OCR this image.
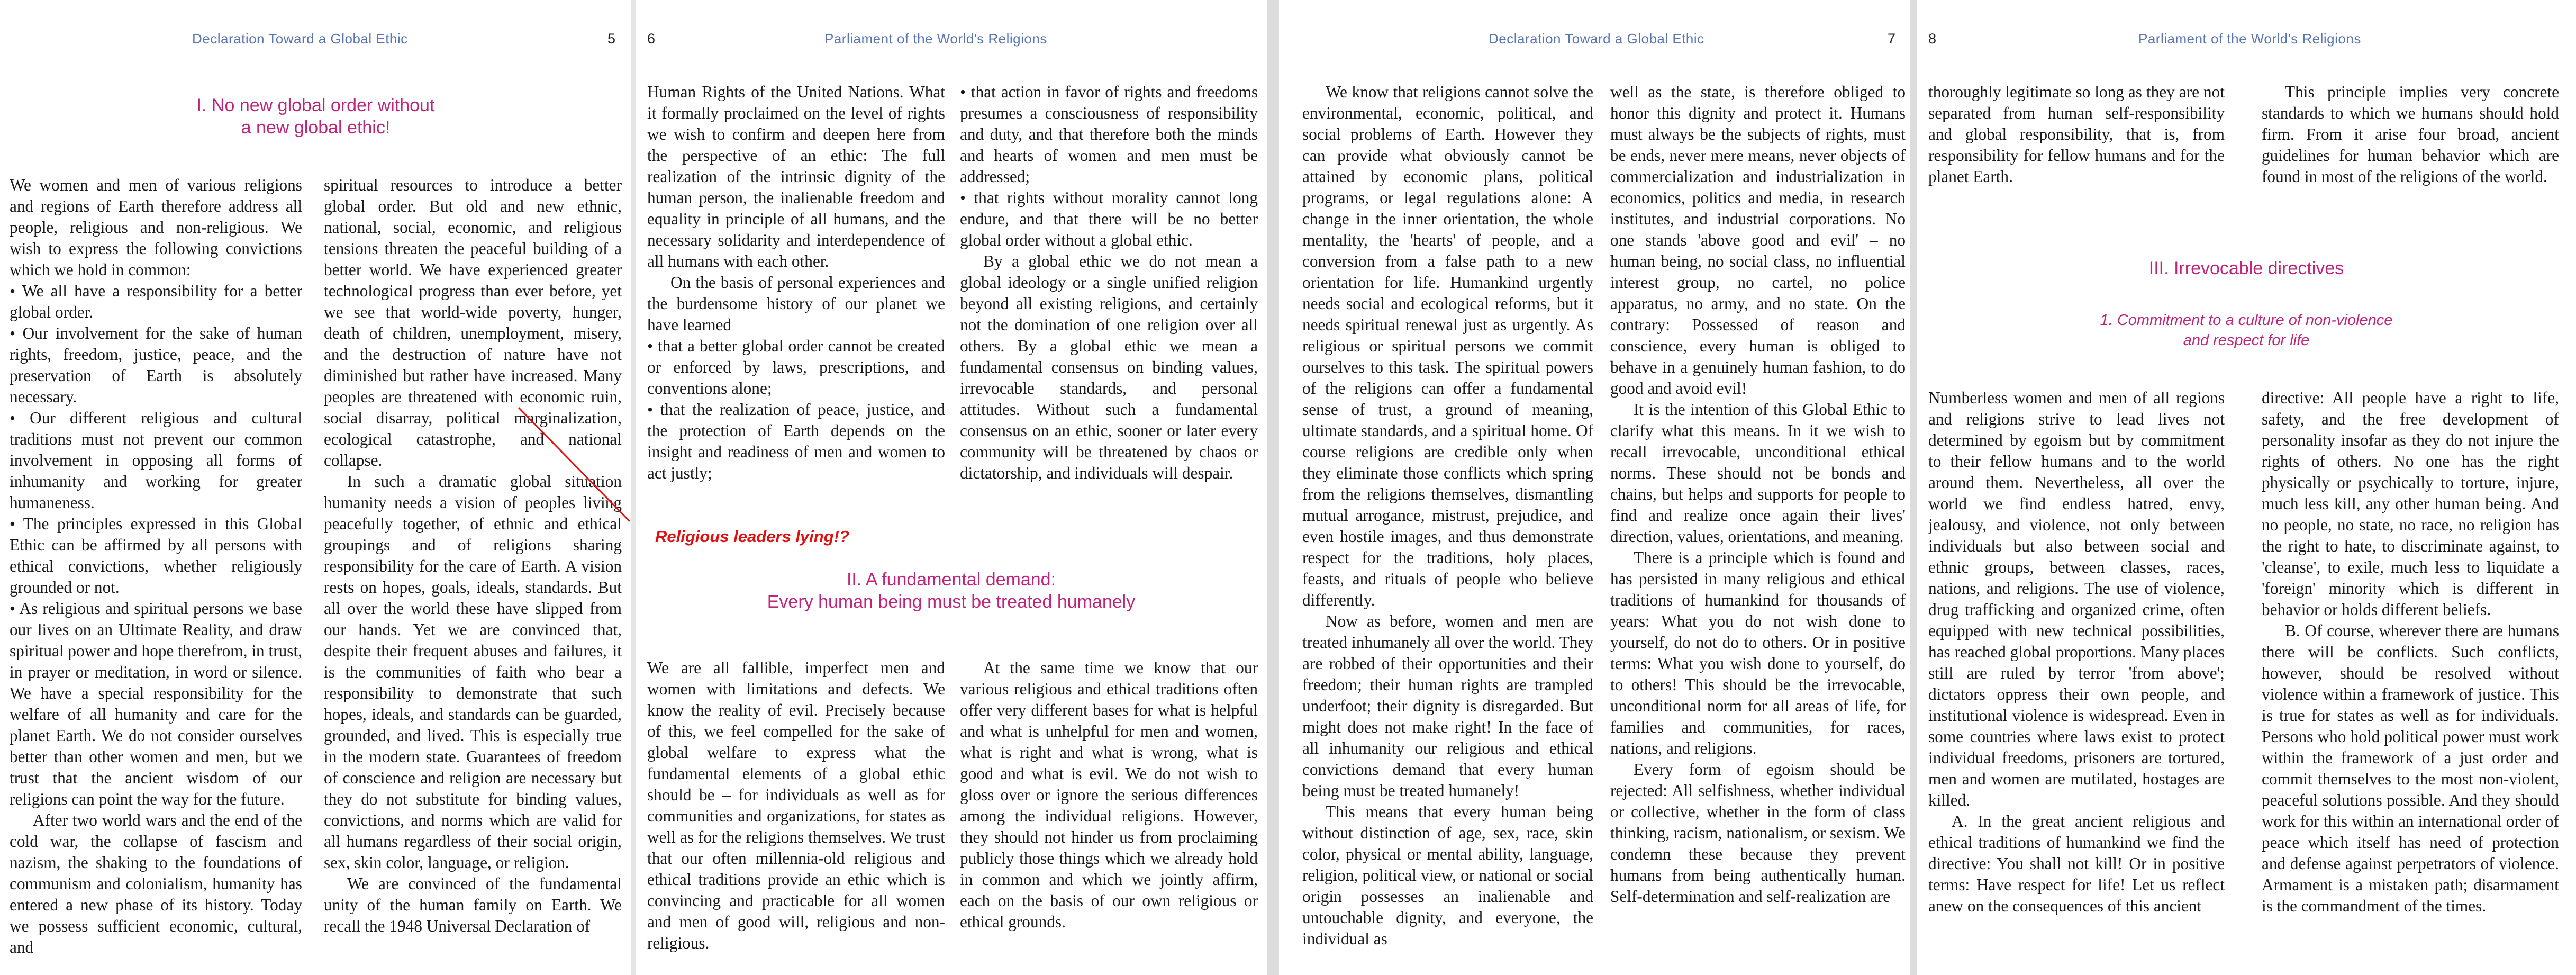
Declaration Toward a Global Ethic	5
I. No new global order without
a new global ethic!

We women and men of various religions and regions of Earth therefore address all people, religious and non-religious. We wish to express the following convictions which we hold in common:

• We all have a responsibility for a better global order.

• Our involvement for the sake of human rights, freedom, justice, peace, and the preservation of Earth is absolutely necessary.

• Our different religious and cultural traditions must not prevent our common involvement in opposing all forms of inhumanity and working for greater humaneness.

• The principles expressed in this Global Ethic can be affirmed by all persons with ethical convictions, whether religiously grounded or not.

• As religious and spiritual persons we base our lives on an Ultimate Reality, and draw spiritual power and hope therefrom, in trust, in prayer or meditation, in word or silence. We have a special responsibility for the welfare of all humanity and care for the planet Earth. We do not consider ourselves better than other women and men, but we trust that the ancient wisdom of our religions can point the way for the future.

After two world wars and the end of the cold war, the collapse of fascism and nazism, the shaking to the foundations of communism and colonialism, humanity has entered a new phase of its history. Today we possess sufficient economic, cultural, and

spiritual resources to introduce a better global order. But old and new ethnic, national, social, economic, and religious tensions threaten the peaceful building of a better world. We have experienced greater technological progress than ever before, yet we see that world-wide poverty, hunger, death of children, unemployment, misery, and the destruction of nature have not diminished but rather have increased. Many peoples are threatened with economic ruin, social disarray, political marginalization, ecological catastrophe, and national collapse.

In such a dramatic global situation humanity needs a vision of peoples living peacefully together, of ethnic and ethical groupings and of religions sharing responsibility for the care of Earth. A vision rests on hopes, goals, ideals, standards. But all over the world these have slipped from our hands. Yet we are convinced that, despite their frequent abuses and failures, it is the communities of faith who bear a responsibility to demonstrate that such hopes, ideals, and standards can be guarded, grounded, and lived. This is especially true in the modern state. Guarantees of freedom of conscience and religion are necessary but they do not substitute for binding values, convictions, and norms which are valid for all humans regardless of their social origin, sex, skin color, language, or religion.

We are convinced of the fundamental unity of the human family on Earth. We recall the 1948 Universal Declaration of

6	Parliament of the World's Religions

Human Rights of the United Nations. What it formally proclaimed on the level of rights we wish to confirm and deepen here from the perspective of an ethic: The full realization of the intrinsic dignity of the human person, the inalienable freedom and equality in principle of all humans, and the necessary solidarity and interdependence of all humans with each other.

On the basis of personal experiences and the burdensome history of our planet we have learned

• that a better global order cannot be created or enforced by laws, prescriptions, and conventions alone;

• that the realization of peace, justice, and the protection of Earth depends on the insight and readiness of men and women to act justly;

• that action in favor of rights and freedoms presumes a consciousness of responsibility and duty, and that therefore both the minds and hearts of women and men must be addressed;

• that rights without morality cannot long endure, and that there will be no better global order without a global ethic.

By a global ethic we do not mean a global ideology or a single unified religion beyond all existing religions, and certainly not the domination of one religion over all others. By a global ethic we mean a fundamental consensus on binding values, irrevocable standards, and personal attitudes. Without such a fundamental consensus on an ethic, sooner or later every community will be threatened by chaos or dictatorship, and individuals will despair.

Religious leaders lying!?
II. A fundamental demand:
Every human being must be treated humanely

We are all fallible, imperfect men and women with limitations and defects. We know the reality of evil. Precisely because of this, we feel compelled for the sake of global welfare to express what the fundamental elements of a global ethic should be – for individuals as well as for communities and organizations, for states as well as for the religions themselves. We trust that our often millennia-old religious and ethical traditions provide an ethic which is convincing and practicable for all women and men of good will, religious and non-religious.

At the same time we know that our various religious and ethical traditions often offer very different bases for what is helpful and what is unhelpful for men and women, what is right and what is wrong, what is good and what is evil. We do not wish to gloss over or ignore the serious differences among the individual religions. However, they should not hinder us from proclaiming publicly those things which we already hold in common and which we jointly affirm, each on the basis of our own religious or ethical grounds.

Declaration Toward a Global Ethic	7

We know that religions cannot solve the environmental, economic, political, and social problems of Earth. However they can provide what obviously cannot be attained by economic plans, political programs, or legal regulations alone: A change in the inner orientation, the whole mentality, the 'hearts' of people, and a conversion from a false path to a new orientation for life. Humankind urgently needs social and ecological reforms, but it needs spiritual renewal just as urgently. As religious or spiritual persons we commit ourselves to this task. The spiritual powers of the religions can offer a fundamental sense of trust, a ground of meaning, ultimate standards, and a spiritual home. Of course religions are credible only when they eliminate those conflicts which spring from the religions themselves, dismantling mutual arrogance, mistrust, prejudice, and even hostile images, and thus demonstrate respect for the traditions, holy places, feasts, and rituals of people who believe differently.

Now as before, women and men are treated inhumanely all over the world. They are robbed of their opportunities and their freedom; their human rights are trampled underfoot; their dignity is disregarded. But might does not make right! In the face of all inhumanity our religious and ethical convictions demand that every human being must be treated humanely!

This means that every human being without distinction of age, sex, race, skin color, physical or mental ability, language, religion, political view, or national or social origin possesses an inalienable and untouchable dignity, and everyone, the individual as

well as the state, is therefore obliged to honor this dignity and protect it. Humans must always be the subjects of rights, must be ends, never mere means, never objects of commercialization and industrialization in economics, politics and media, in research institutes, and industrial corporations. No one stands 'above good and evil' – no human being, no social class, no influential interest group, no cartel, no police apparatus, no army, and no state. On the contrary: Possessed of reason and conscience, every human is obliged to behave in a genuinely human fashion, to do good and avoid evil!

It is the intention of this Global Ethic to clarify what this means. In it we wish to recall irrevocable, unconditional ethical norms. These should not be bonds and chains, but helps and supports for people to find and realize once again their lives' direction, values, orientations, and meaning.

There is a principle which is found and has persisted in many religious and ethical traditions of humankind for thousands of years: What you do not wish done to yourself, do not do to others. Or in positive terms: What you wish done to yourself, do to others! This should be the irrevocable, unconditional norm for all areas of life, for families and communities, for races, nations, and religions.

Every form of egoism should be rejected: All selfishness, whether individual or collective, whether in the form of class thinking, racism, nationalism, or sexism. We condemn these because they prevent humans from being authentically human. Self-determination and self-realization are

8	Parliament of the World's Religions

thoroughly legitimate so long as they are not separated from human self-responsibility and global responsibility, that is, from responsibility for fellow humans and for the planet Earth.

This principle implies very concrete standards to which we humans should hold firm. From it arise four broad, ancient guidelines for human behavior which are found in most of the religions of the world.

III. Irrevocable directives
1. Commitment to a culture of non-violence
and respect for life

Numberless women and men of all regions and religions strive to lead lives not determined by egoism but by commitment to their fellow humans and to the world around them. Nevertheless, all over the world we find endless hatred, envy, jealousy, and violence, not only between individuals but also between social and ethnic groups, between classes, races, nations, and religions. The use of violence, drug trafficking and organized crime, often equipped with new technical possibilities, has reached global proportions. Many places still are ruled by terror 'from above'; dictators oppress their own people, and institutional violence is widespread. Even in some countries where laws exist to protect individual freedoms, prisoners are tortured, men and women are mutilated, hostages are killed.

A. In the great ancient religious and ethical traditions of humankind we find the directive: You shall not kill! Or in positive terms: Have respect for life! Let us reflect anew on the consequences of this ancient

directive: All people have a right to life, safety, and the free development of personality insofar as they do not injure the rights of others. No one has the right physically or psychically to torture, injure, much less kill, any other human being. And no people, no state, no race, no religion has the right to hate, to discriminate against, to 'cleanse', to exile, much less to liquidate a 'foreign' minority which is different in behavior or holds different beliefs.

B. Of course, wherever there are humans there will be conflicts. Such conflicts, however, should be resolved without violence within a framework of justice. This is true for states as well as for individuals. Persons who hold political power must work within the framework of a just order and commit themselves to the most non-violent, peaceful solutions possible. And they should work for this within an international order of peace which itself has need of protection and defense against perpetrators of violence. Armament is a mistaken path; disarmament is the commandment of the times.
